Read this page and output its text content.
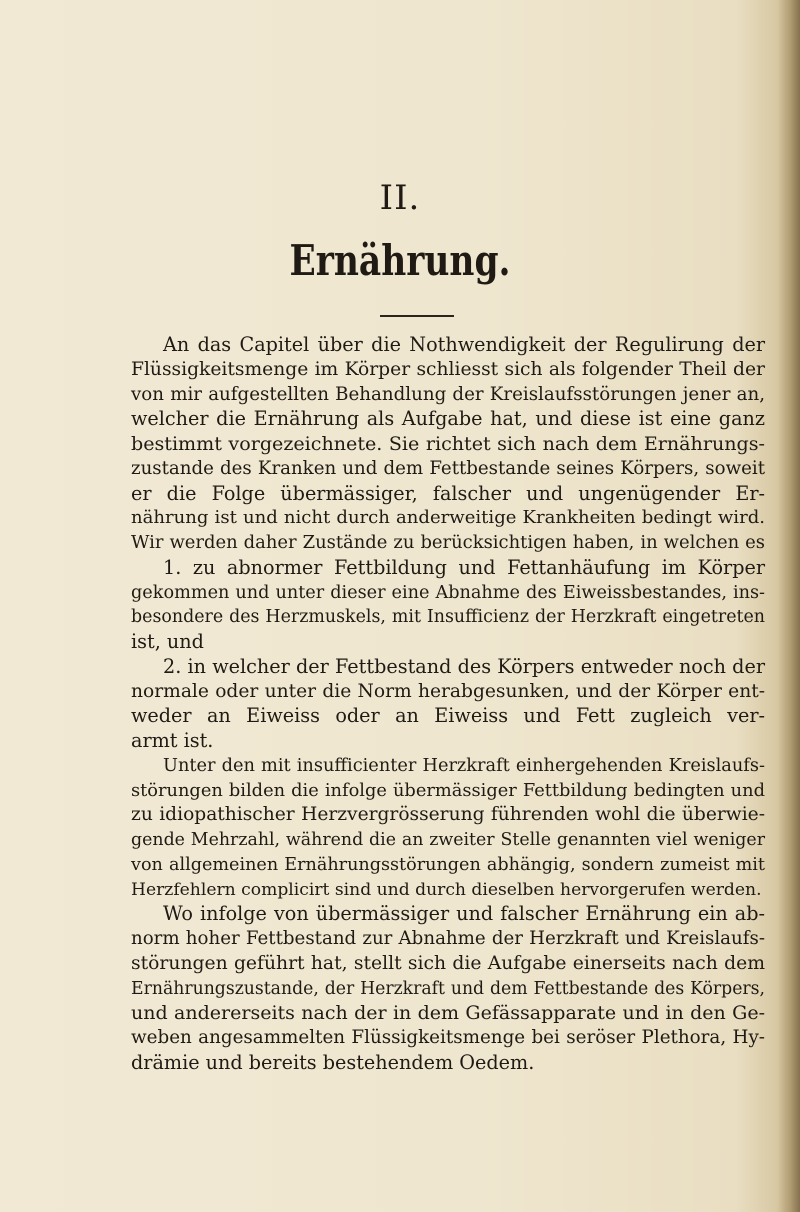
II.
Ernährung.
An das Capitel über die Nothwendigkeit der Regulirung der
Flüssigkeitsmenge im Körper schliesst sich als folgender Theil der
von mir aufgestellten Behandlung der Kreislaufsstörungen jener an,
welcher die Ernährung als Aufgabe hat, und diese ist eine ganz
bestimmt vorgezeichnete. Sie richtet sich nach dem Ernährungs-
zustande des Kranken und dem Fettbestande seines Körpers, soweit
er die Folge übermässiger, falscher und ungenügender Er-
nährung ist und nicht durch anderweitige Krankheiten bedingt wird.
Wir werden daher Zustände zu berücksichtigen haben, in welchen es
1. zu abnormer Fettbildung und Fettanhäufung im Körper
gekommen und unter dieser eine Abnahme des Eiweissbestandes, ins-
besondere des Herzmuskels, mit Insufficienz der Herzkraft eingetreten
ist, und
2. in welcher der Fettbestand des Körpers entweder noch der
normale oder unter die Norm herabgesunken, und der Körper ent-
weder an Eiweiss oder an Eiweiss und Fett zugleich ver-
armt ist.
Unter den mit insufficienter Herzkraft einhergehenden Kreislaufs-
störungen bilden die infolge übermässiger Fettbildung bedingten und
zu idiopathischer Herzvergrösserung führenden wohl die überwie-
gende Mehrzahl, während die an zweiter Stelle genannten viel weniger
von allgemeinen Ernährungsstörungen abhängig, sondern zumeist mit
Herzfehlern complicirt sind und durch dieselben hervorgerufen werden.
Wo infolge von übermässiger und falscher Ernährung ein ab-
norm hoher Fettbestand zur Abnahme der Herzkraft und Kreislaufs-
störungen geführt hat, stellt sich die Aufgabe einerseits nach dem
Ernährungszustande, der Herzkraft und dem Fettbestande des Körpers,
und andererseits nach der in dem Gefässapparate und in den Ge-
weben angesammelten Flüssigkeitsmenge bei seröser Plethora, Hy-
drämie und bereits bestehendem Oedem.
